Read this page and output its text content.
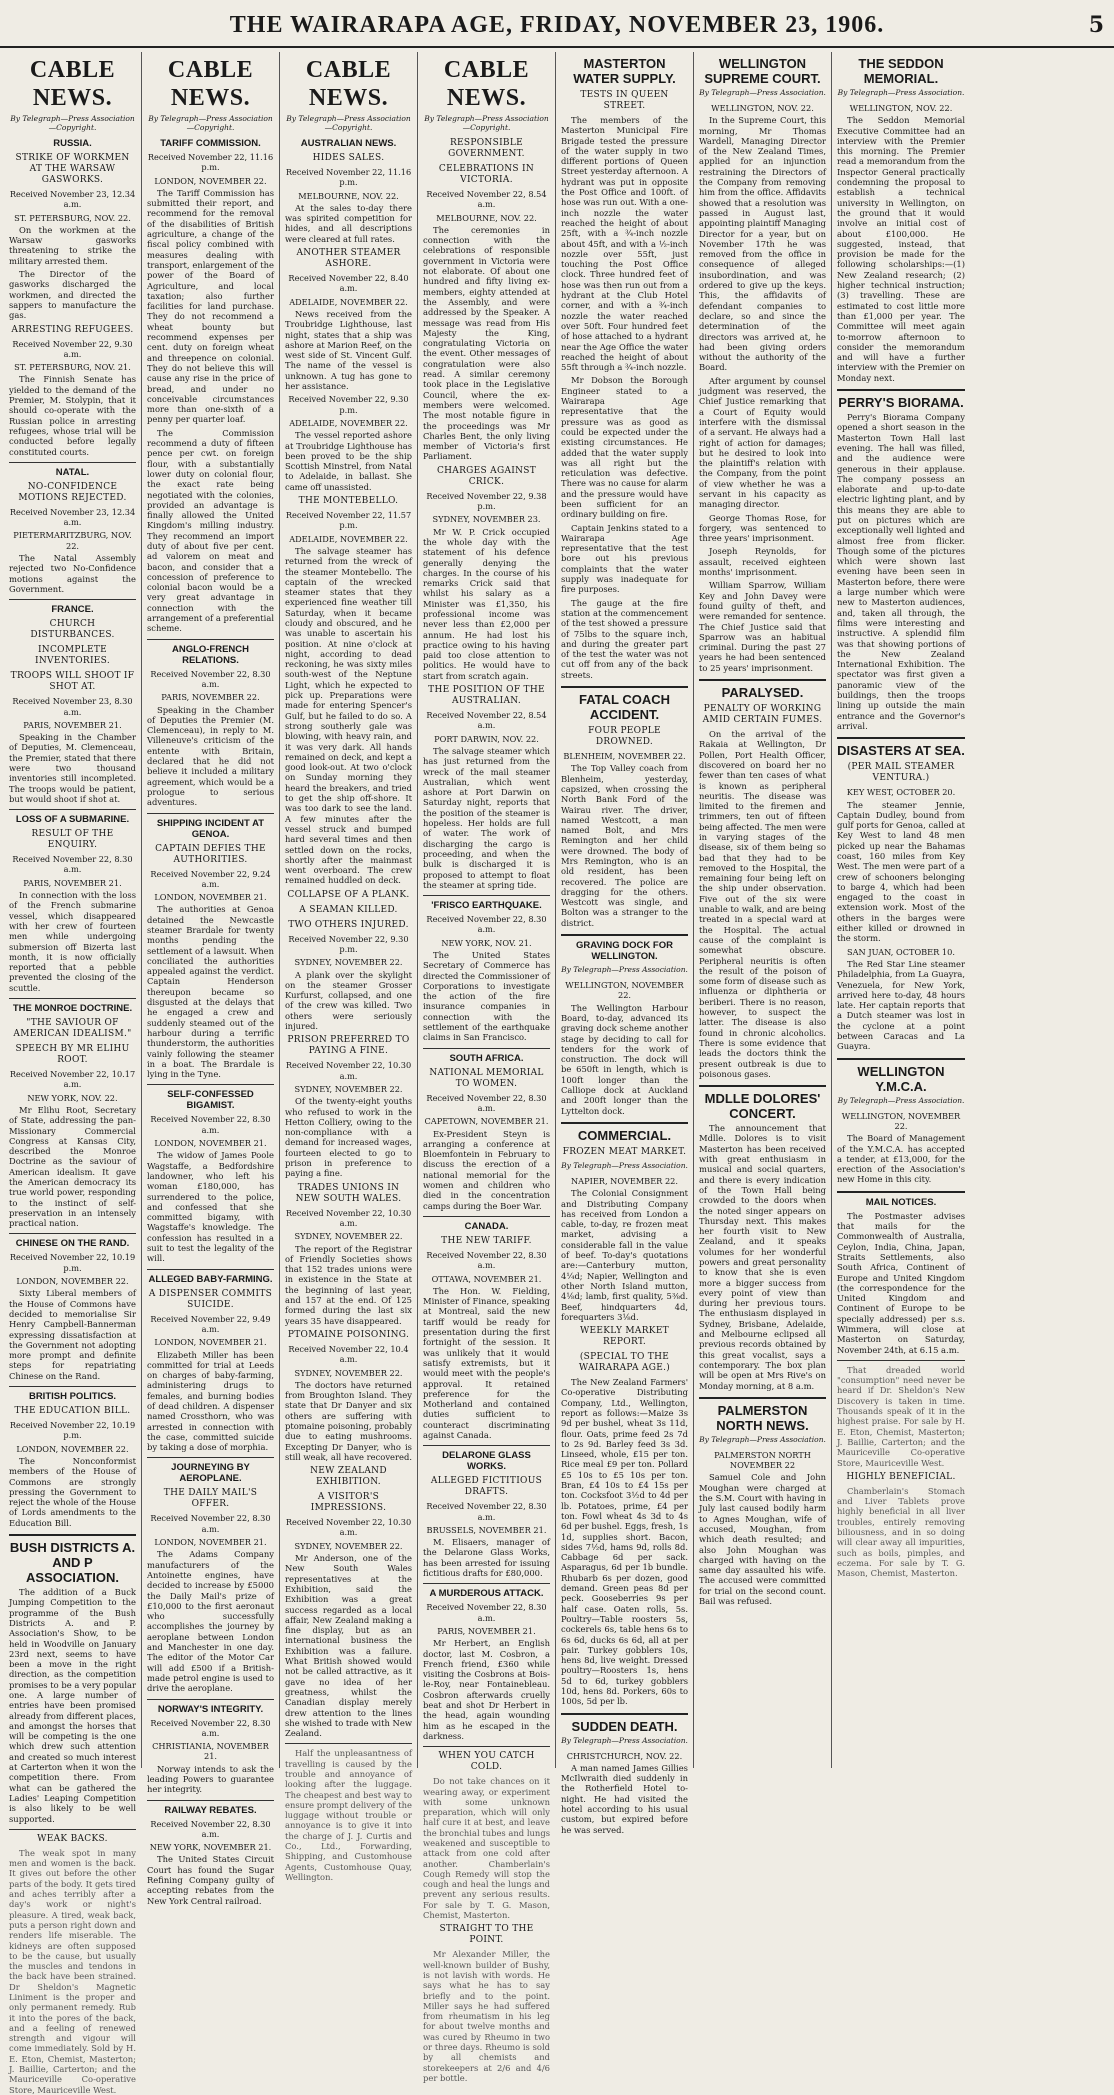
THE WAIRARAPA AGE, FRIDAY, NOVEMBER 23, 1906.	5
CABLE NEWS.
By Telegraph—Press Association—Copyright.
RUSSIA.
STRIKE OF WORKMEN AT THE WARSAW GASWORKS.
Received November 23, 12.34 a.m.
ST. PETERSBURG, NOV. 22.

On the workmen at the Warsaw gasworks threatening to strike the military arrested them.

The Director of the gasworks discharged the workmen, and directed the sappers to manufacture the gas.

ARRESTING REFUGEES.
Received November 22, 9.30 a.m.
ST. PETERSBURG, NOV. 21.

The Finnish Senate has yielded to the demand of the Premier, M. Stolypin, that it should co-operate with the Russian police in arresting refugees, whose trial will be conducted before legally constituted courts.

NATAL.
NO-CONFIDENCE MOTIONS REJECTED.
Received November 23, 12.34 a.m.
PIETERMARITZBURG, NOV. 22.

The Natal Assembly rejected two No-Confidence motions against the Government.

FRANCE.
CHURCH DISTURBANCES.
INCOMPLETE INVENTORIES.
TROOPS WILL SHOOT IF SHOT AT.
Received November 23, 8.30 a.m.
PARIS, NOVEMBER 21.

Speaking in the Chamber of Deputies, M. Clemenceau, the Premier, stated that there were two thousand inventories still incompleted. The troops would be patient, but would shoot if shot at.

LOSS OF A SUBMARINE.
RESULT OF THE ENQUIRY.
Received November 22, 8.30 a.m.
PARIS, NOVEMBER 21.

In connection with the loss of the French submarine vessel, which disappeared with her crew of fourteen men while undergoing submersion off Bizerta last month, it is now officially reported that a pebble prevented the closing of the scuttle.

THE MONROE DOCTRINE.
"THE SAVIOUR OF AMERICAN IDEALISM."
SPEECH BY MR ELIHU ROOT.
Received November 22, 10.17 a.m.
NEW YORK, NOV. 22.

Mr Elihu Root, Secretary of State, addressing the pan-Missionary Commercial Congress at Kansas City, described the Monroe Doctrine as the saviour of American idealism. It gave the American democracy its true world power, responding to the instinct of self-preservation in an intensely practical nation.

CHINESE ON THE RAND.
Received November 22, 10.19 p.m.
LONDON, NOVEMBER 22.

Sixty Liberal members of the House of Commons have decided to memorialise Sir Henry Campbell-Bannerman expressing dissatisfaction at the Government not adopting more prompt and definite steps for repatriating Chinese on the Rand.

BRITISH POLITICS.
THE EDUCATION BILL.
Received November 22, 10.19 p.m.
LONDON, NOVEMBER 22.

The Nonconformist members of the House of Commons are strongly pressing the Government to reject the whole of the House of Lords amendments to the Education Bill.

BUSH DISTRICTS A. AND P ASSOCIATION.

The addition of a Buck Jumping Competition to the programme of the Bush Districts A. and P. Association's Show, to be held in Woodville on January 23rd next, seems to have been a move in the right direction, as the competition promises to be a very popular one. A large number of entries have been promised already from different places, and amongst the horses that will be competing is the one which drew such attention and created so much interest at Carterton when it won the competition there. From what can be gathered the Ladies' Leaping Competition is also likely to be well supported.

WEAK BACKS.

The weak spot in many men and women is the back. It gives out before the other parts of the body. It gets tired and aches terribly after a day's work or night's pleasure. A tired, weak back, puts a person right down and renders life miserable. The kidneys are often supposed to be the cause, but usually the muscles and tendons in the back have been strained. Dr Sheldon's Magnetic Liniment is the proper and only permanent remedy. Rub it into the pores of the back, and a feeling of renewed strength and vigour will come immediately. Sold by H. E. Eton, Chemist, Masterton; J. Baillie, Carterton; and the Mauriceville Co-operative Store, Mauriceville West.

CABLE NEWS.
By Telegraph—Press Association—Copyright.
TARIFF COMMISSION.
Received November 22, 11.16 p.m.
LONDON, NOVEMBER 22.

The Tariff Commission has submitted their report, and recommend for the removal of the disabilities of British agriculture, a change of the fiscal policy combined with measures dealing with transport, enlargement of the power of the Board of Agriculture, and local taxation; also further facilities for land purchase. They do not recommend a wheat bounty but recommend expenses per cent. duty on foreign wheat and threepence on colonial. They do not believe this will cause any rise in the price of bread, and under no conceivable circumstances more than one-sixth of a penny per quarter loaf.

The Commission recommend a duty of fifteen pence per cwt. on foreign flour, with a substantially lower duty on colonial flour, the exact rate being negotiated with the colonies, provided an advantage is finally allowed the United Kingdom's milling industry. They recommend an import duty of about five per cent. ad valorem on meat and bacon, and consider that a concession of preference to colonial bacon would be a very great advantage in connection with the arrangement of a preferential scheme.

ANGLO-FRENCH RELATIONS.
Received November 22, 8.30 a.m.
PARIS, NOVEMBER 22.

Speaking in the Chamber of Deputies the Premier (M. Clemenceau), in reply to M. Villeneuve's criticism of the entente with Britain, declared that he did not believe it included a military agreement, which would be a prologue to serious adventures.

SHIPPING INCIDENT AT GENOA.
CAPTAIN DEFIES THE AUTHORITIES.
Received November 22, 9.24 a.m.
LONDON, NOVEMBER 21.

The authorities at Genoa detained the Newcastle steamer Brardale for twenty months pending the settlement of a lawsuit. When conciliated the authorities appealed against the verdict. Captain Henderson thereupon became so disgusted at the delays that he engaged a crew and suddenly steamed out of the harbour during a terrific thunderstorm, the authorities vainly following the steamer in a boat. The Brardale is lying in the Tyne.

SELF-CONFESSED BIGAMIST.
Received November 22, 8.30 a.m.
LONDON, NOVEMBER 21.

The widow of James Poole Wagstaffe, a Bedfordshire landowner, who left his woman £180,000, has surrendered to the police, and confessed that she committed bigamy, with Wagstaffe's knowledge. The confession has resulted in a suit to test the legality of the will.

ALLEGED BABY-FARMING.
A DISPENSER COMMITS SUICIDE.
Received November 22, 9.49 a.m.
LONDON, NOVEMBER 21.

Elizabeth Miller has been committed for trial at Leeds on charges of baby-farming, administering drugs to females, and burning bodies of dead children. A dispenser named Crossthorn, who was arrested in connection with the case, committed suicide by taking a dose of morphia.

JOURNEYING BY AEROPLANE.
THE DAILY MAIL'S OFFER.
Received November 22, 8.30 a.m.
LONDON, NOVEMBER 21.

The Adams Company manufacturers of the Antoinette engines, have decided to increase by £5000 the Daily Mail's prize of £10,000 to the first aeronaut who successfully accomplishes the journey by aeroplane between London and Manchester in one day. The editor of the Motor Car will add £500 if a British-made petrol engine is used to drive the aeroplane.

NORWAY'S INTEGRITY.
Received November 22, 8.30 a.m.
CHRISTIANIA, NOVEMBER 21.

Norway intends to ask the leading Powers to guarantee her integrity.

RAILWAY REBATES.
Received November 22, 8.30 a.m.
NEW YORK, NOVEMBER 21.

The United States Circuit Court has found the Sugar Refining Company guilty of accepting rebates from the New York Central railroad.

CABLE NEWS.
By Telegraph—Press Association—Copyright.
AUSTRALIAN NEWS.
HIDES SALES.
Received November 22, 11.16 p.m.
MELBOURNE, NOV. 22.

At the sales to-day there was spirited competition for hides, and all descriptions were cleared at full rates.

ANOTHER STEAMER ASHORE.
Received November 22, 8.40 a.m.
ADELAIDE, NOVEMBER 22.

News received from the Troubridge Lighthouse, last night, states that a ship was ashore at Marion Reef, on the west side of St. Vincent Gulf. The name of the vessel is unknown. A tug has gone to her assistance.

Received November 22, 9.30 p.m.
ADELAIDE, NOVEMBER 22.

The vessel reported ashore at Troubridge Lighthouse has been proved to be the ship Scottish Minstrel, from Natal to Adelaide, in ballast. She came off unassisted.

THE MONTEBELLO.
Received November 22, 11.57 p.m.
ADELAIDE, NOVEMBER 22.

The salvage steamer has returned from the wreck of the steamer Montebello. The captain of the wrecked steamer states that they experienced fine weather till Saturday, when it became cloudy and obscured, and he was unable to ascertain his position. At nine o'clock at night, according to dead reckoning, he was sixty miles south-west of the Neptune Light, which he expected to pick up. Preparations were made for entering Spencer's Gulf, but he failed to do so. A strong southerly gale was blowing, with heavy rain, and it was very dark. All hands remained on deck, and kept a good look-out. At two o'clock on Sunday morning they heard the breakers, and tried to get the ship off-shore. It was too dark to see the land. A few minutes after the vessel struck and bumped hard several times and then settled down on the rocks, shortly after the mainmast went overboard. The crew remained huddled on deck.

COLLAPSE OF A PLANK.
A SEAMAN KILLED.
TWO OTHERS INJURED.
Received November 22, 9.30 p.m.
SYDNEY, NOVEMBER 22.

A plank over the skylight on the steamer Grosser Kurfurst, collapsed, and one of the crew was killed. Two others were seriously injured.

PRISON PREFERRED TO PAYING A FINE.
Received November 22, 10.30 a.m.
SYDNEY, NOVEMBER 22.

Of the twenty-eight youths who refused to work in the Hetton Colliery, owing to the non-compliance with a demand for increased wages, fourteen elected to go to prison in preference to paying a fine.

TRADES UNIONS IN NEW SOUTH WALES.
Received November 22, 10.30 a.m.
SYDNEY, NOVEMBER 22.

The report of the Registrar of Friendly Societies shows that 152 trades unions were in existence in the State at the beginning of last year, and 157 at the end. Of 125 formed during the last six years 35 have disappeared.

PTOMAINE POISONING.
Received November 22, 10.4 a.m.
SYDNEY, NOVEMBER 22.

The doctors have returned from Broughton Island. They state that Dr Danyer and six others are suffering with ptomaine poisoning, probably due to eating mushrooms. Excepting Dr Danyer, who is still weak, all have recovered.

NEW ZEALAND EXHIBITION.
A VISITOR'S IMPRESSIONS.
Received November 22, 10.30 a.m.
SYDNEY, NOVEMBER 22.

Mr Anderson, one of the New South Wales representatives at the Exhibition, said the Exhibition was a great success regarded as a local affair, New Zealand making a fine display, but as an international business the Exhibition was a failure. What British showed would not be called attractive, as it gave no idea of her greatness, whilst the Canadian display merely drew attention to the lines she wished to trade with New Zealand.

Half the unpleasantness of travelling is caused by the trouble and annoyance of looking after the luggage. The cheapest and best way to ensure prompt delivery of the luggage without trouble or annoyance is to give it into the charge of J. J. Curtis and Co., Ltd., Forwarding, Shipping, and Customhouse Agents, Customhouse Quay, Wellington.

CABLE NEWS.
By Telegraph—Press Association—Copyright.
RESPONSIBLE GOVERNMENT.
CELEBRATIONS IN VICTORIA.
Received November 22, 8.54 a.m.
MELBOURNE, NOV. 22.

The ceremonies in connection with the celebrations of responsible government in Victoria were not elaborate. Of about one hundred and fifty living ex-members, eighty attended at the Assembly, and were addressed by the Speaker. A message was read from His Majesty the King, congratulating Victoria on the event. Other messages of congratulation were also read. A similar ceremony took place in the Legislative Council, where the ex-members were welcomed. The most notable figure in the proceedings was Mr Charles Bent, the only living member of Victoria's first Parliament.

CHARGES AGAINST CRICK.
Received November 22, 9.38 p.m.
SYDNEY, NOVEMBER 23.

Mr W. P. Crick occupied the whole day with the statement of his defence generally denying the charges. In the course of his remarks Crick said that whilst his salary as a Minister was £1,350, his professional income was never less than £2,000 per annum. He had lost his practice owing to his having paid too close attention to politics. He would have to start from scratch again.

THE POSITION OF THE AUSTRALIAN.
Received November 22, 8.54 a.m.
PORT DARWIN, NOV. 22.

The salvage steamer which has just returned from the wreck of the mail steamer Australian, which went ashore at Port Darwin on Saturday night, reports that the position of the steamer is hopeless. Her holds are full of water. The work of discharging the cargo is proceeding, and when the bulk is discharged it is proposed to attempt to float the steamer at spring tide.

'FRISCO EARTHQUAKE.
Received November 22, 8.30 a.m.
NEW YORK, NOV. 21.

The United States Secretary of Commerce has directed the Commissioner of Corporations to investigate the action of the fire insurance companies in connection with the settlement of the earthquake claims in San Francisco.

SOUTH AFRICA.
NATIONAL MEMORIAL TO WOMEN.
Received November 22, 8.30 a.m.
CAPETOWN, NOVEMBER 21.

Ex-President Steyn is arranging a conference at Bloemfontein in February to discuss the erection of a national memorial for the women and children who died in the concentration camps during the Boer War.

CANADA.
THE NEW TARIFF.
Received November 22, 8.30 a.m.
OTTAWA, NOVEMBER 21.

The Hon. W. Fielding, Minister of Finance, speaking at Montreal, said the new tariff would be ready for presentation during the first fortnight of the session. It was unlikely that it would satisfy extremists, but it would meet with the people's approval. It retained preference for the Motherland and contained duties sufficient to counteract discriminating against Canada.

DELARONE GLASS WORKS.
ALLEGED FICTITIOUS DRAFTS.
Received November 22, 8.30 a.m.
BRUSSELS, NOVEMBER 21.

M. Elisaers, manager of the Delarone Glass Works, has been arrested for issuing fictitious drafts for £80,000.

A MURDEROUS ATTACK.
Received November 22, 8.30 a.m.
PARIS, NOVEMBER 21.

Mr Herbert, an English doctor, last M. Cosbron, a French friend, £360 while visiting the Cosbrons at Bois-le-Roy, near Fontainebleau. Cosbron afterwards cruelly beat and shot Dr Herbert in the head, again wounding him as he escaped in the darkness.

WHEN YOU CATCH COLD.

Do not take chances on it wearing away, or experiment with some unknown preparation, which will only half cure it at best, and leave the bronchial tubes and lungs weakened and susceptible to attack from one cold after another. Chamberlain's Cough Remedy will stop the cough and heal the lungs and prevent any serious results. For sale by T. G. Mason, Chemist, Masterton.

STRAIGHT TO THE POINT.

Mr Alexander Miller, the well-known builder of Bushy, is not lavish with words. He says what he has to say briefly and to the point. Miller says he had suffered from rheumatism in his leg for about twelve months and was cured by Rheumo in two or three days. Rheumo is sold by all chemists and storekeepers at 2/6 and 4/6 per bottle.

MASTERTON WATER SUPPLY.
TESTS IN QUEEN STREET.

The members of the Masterton Municipal Fire Brigade tested the pressure of the water supply in two different portions of Queen Street yesterday afternoon. A hydrant was put in opposite the Post Office and 100ft. of hose was run out. With a one-inch nozzle the water reached the height of about 25ft, with a ¾-inch nozzle about 45ft, and with a ½-inch nozzle over 55ft, just touching the Post Office clock. Three hundred feet of hose was then run out from a hydrant at the Club Hotel corner, and with a ¾-inch nozzle the water reached over 50ft. Four hundred feet of hose attached to a hydrant near the Age Office the water reached the height of about 55ft through a ¾-inch nozzle.

Mr Dobson the Borough Engineer stated to a Wairarapa Age representative that the pressure was as good as could be expected under the existing circumstances. He added that the water supply was all right but the reticulation was defective. There was no cause for alarm and the pressure would have been sufficient for an ordinary building on fire.

Captain Jenkins stated to a Wairarapa Age representative that the test bore out his previous complaints that the water supply was inadequate for fire purposes.

The gauge at the fire station at the commencement of the test showed a pressure of 75lbs to the square inch, and during the greater part of the test the water was not cut off from any of the back streets.

FATAL COACH ACCIDENT.
FOUR PEOPLE DROWNED.
BLENHEIM, NOVEMBER 22.

The Top Valley coach from Blenheim, yesterday, capsized, when crossing the North Bank Ford of the Wairau river. The driver, named Westcott, a man named Bolt, and Mrs Remington and her child were drowned. The body of Mrs Remington, who is an old resident, has been recovered. The police are dragging for the others. Westcott was single, and Bolton was a stranger to the district.

GRAVING DOCK FOR WELLINGTON.
By Telegraph—Press Association.
WELLINGTON, NOVEMBER 22.

The Wellington Harbour Board, to-day, advanced its graving dock scheme another stage by deciding to call for tenders for the work of construction. The dock will be 650ft in length, which is 100ft longer than the Calliope dock at Auckland and 200ft longer than the Lyttelton dock.

COMMERCIAL.
FROZEN MEAT MARKET.
By Telegraph—Press Association.
NAPIER, NOVEMBER 22.

The Colonial Consignment and Distributing Company has received from London a cable, to-day, re frozen meat market, advising a considerable fall in the value of beef. To-day's quotations are:—Canterbury mutton, 4¼d; Napier, Wellington and other North Island mutton, 4⅛d; lamb, first quality, 5⅜d. Beef, hindquarters 4d, forequarters 3⅛d.

WEEKLY MARKET REPORT.
(SPECIAL TO THE WAIRARAPA AGE.)

The New Zealand Farmers' Co-operative Distributing Company, Ltd., Wellington, report as follows:—Maize 3s 9d per bushel, wheat 3s 11d, flour. Oats, prime feed 2s 7d to 2s 9d. Barley feed 3s 3d. Linseed, whole, £15 per ton. Rice meal £9 per ton. Pollard £5 10s to £5 10s per ton. Bran, £4 10s to £4 15s per ton. Cocksfoot 3½d to 4d per lb. Potatoes, prime, £4 per ton. Fowl wheat 4s 3d to 4s 6d per bushel. Eggs, fresh, 1s 1d, supplies short. Bacon, sides 7½d, hams 9d, rolls 8d. Cabbage 6d per sack. Asparagus, 6d per 1b bundle. Rhubarb 6s per dozen, good demand. Green peas 8d per peck. Gooseberries 9s per half case. Oaten rolls, 5s. Poultry—Table roosters 5s, cockerels 6s, table hens 6s to 6s 6d, ducks 6s 6d, all at per pair. Turkey gobblers 10s, hens 8d, live weight. Dressed poultry—Roosters 1s, hens 5d to 6d, turkey gobblers 10d, hens 8d. Porkers, 60s to 100s, 5d per lb.

SUDDEN DEATH.
By Telegraph—Press Association.
CHRISTCHURCH, NOV. 22.

A man named James Gillies McIlwraith died suddenly in the Rotherfield Hotel to-night. He had visited the hotel according to his usual custom, but expired before he was served.

WELLINGTON SUPREME COURT.
By Telegraph—Press Association.
WELLINGTON, NOV. 22.

In the Supreme Court, this morning, Mr Thomas Wardell, Managing Director of the New Zealand Times, applied for an injunction restraining the Directors of the Company from removing him from the office. Affidavits showed that a resolution was passed in August last, appointing plaintiff Managing Director for a year, but on November 17th he was removed from the office in consequence of alleged insubordination, and was ordered to give up the keys. This, the affidavits of defendant companies to declare, so and since the determination of the directors was arrived at, he had been giving orders without the authority of the Board.

After argument by counsel judgment was reserved, the Chief Justice remarking that a Court of Equity would interfere with the dismissal of a servant. He always had a right of action for damages; but he desired to look into the plaintiff's relation with the Company, from the point of view whether he was a servant in his capacity as managing director.

George Thomas Rose, for forgery, was sentenced to three years' imprisonment.

Joseph Reynolds, for assault, received eighteen months' imprisonment.

William Sparrow, William Key and John Davey were found guilty of theft, and were remanded for sentence. The Chief Justice said that Sparrow was an habitual criminal. During the past 27 years he had been sentenced to 25 years' imprisonment.

PARALYSED.
PENALTY OF WORKING AMID CERTAIN FUMES.

On the arrival of the Rakaia at Wellington, Dr Pollen, Port Health Officer, discovered on board her no fewer than ten cases of what is known as peripheral neuritis. The disease was limited to the firemen and trimmers, ten out of fifteen being affected. The men were in varying stages of the disease, six of them being so bad that they had to be removed to the Hospital, the remaining four being left on the ship under observation. Five out of the six were unable to walk, and are being treated in a special ward at the Hospital. The actual cause of the complaint is somewhat obscure. Peripheral neuritis is often the result of the poison of some form of disease such as influenza or diphtheria or beriberi. There is no reason, however, to suspect the latter. The disease is also found in chronic alcoholics. There is some evidence that leads the doctors think the present outbreak is due to poisonous gases.

MDLLE DOLORES' CONCERT.

The announcement that Mdlle. Dolores is to visit Masterton has been received with great enthusiasm in musical and social quarters, and there is every indication of the Town Hall being crowded to the doors when the noted singer appears on Thursday next. This makes her fourth visit to New Zealand, and it speaks volumes for her wonderful powers and great personality to know that she is even more a bigger success from every point of view than during her previous tours. The enthusiasm displayed in Sydney, Brisbane, Adelaide, and Melbourne eclipsed all previous records obtained by this great vocalist, says a contemporary. The box plan will be open at Mrs Rive's on Monday morning, at 8 a.m.

PALMERSTON NORTH NEWS.
By Telegraph—Press Association.
PALMERSTON NORTH NOVEMBER 22

Samuel Cole and John Moughan were charged at the S.M. Court with having in July last caused bodily harm to Agnes Moughan, wife of accused, Moughan, from which death resulted; and also John Moughan was charged with having on the same day assaulted his wife. The accused were committed for trial on the second count. Bail was refused.

THE SEDDON MEMORIAL.
By Telegraph—Press Association.
WELLINGTON, NOV. 22.

The Seddon Memorial Executive Committee had an interview with the Premier this morning. The Premier read a memorandum from the Inspector General practically condemning the proposal to establish a technical university in Wellington, on the ground that it would involve an initial cost of about £100,000. He suggested, instead, that provision be made for the following scholarships:—(1) New Zealand research; (2) higher technical instruction; (3) travelling. These are estimated to cost little more than £1,000 per year. The Committee will meet again to-morrow afternoon to consider the memorandum and will have a further interview with the Premier on Monday next.

PERRY'S BIORAMA.

Perry's Biorama Company opened a short season in the Masterton Town Hall last evening. The hall was filled, and the audience were generous in their applause. The company possess an elaborate and up-to-date electric lighting plant, and by this means they are able to put on pictures which are exceptionally well lighted and almost free from flicker. Though some of the pictures which were shown last evening have been seen in Masterton before, there were a large number which were new to Masterton audiences, and, taken all through, the films were interesting and instructive. A splendid film was that showing portions of the New Zealand International Exhibition. The spectator was first given a panoramic view of the buildings, then the troops lining up outside the main entrance and the Governor's arrival.

DISASTERS AT SEA.
(PER MAIL STEAMER VENTURA.)
KEY WEST, OCTOBER 20.

The steamer Jennie, Captain Dudley, bound from gulf ports for Genoa, called at Key West to land 48 men picked up near the Bahamas coast, 160 miles from Key West. The men were part of a crew of schooners belonging to barge 4, which had been engaged to the coast in extension work. Most of the others in the barges were either killed or drowned in the storm.

SAN JUAN, OCTOBER 10.

The Red Star Line steamer Philadelphia, from La Guayra, Venezuela, for New York, arrived here to-day, 48 hours late. Her captain reports that a Dutch steamer was lost in the cyclone at a point between Caracas and La Guayra.

WELLINGTON Y.M.C.A.
By Telegraph—Press Association.
WELLINGTON, NOVEMBER 22.

The Board of Management of the Y.M.C.A. has accepted a tender, at £13,000, for the erection of the Association's new Home in this city.

MAIL NOTICES.

The Postmaster advises that mails for the Commonwealth of Australia, Ceylon, India, China, Japan, Straits Settlements, also South Africa, Continent of Europe and United Kingdom (the correspondence for the United Kingdom and Continent of Europe to be specially addressed) per s.s. Wimmera, will close at Masterton on Saturday, November 24th, at 6.15 a.m.

That dreaded world "consumption" need never be heard if Dr. Sheldon's New Discovery is taken in time. Thousands speak of it in the highest praise. For sale by H. E. Eton, Chemist, Masterton; J. Baillie, Carterton; and the Mauriceville Co-operative Store, Mauriceville West.

HIGHLY BENEFICIAL.

Chamberlain's Stomach and Liver Tablets prove highly beneficial in all liver troubles, entirely removing biliousness, and in so doing will clear away all impurities, such as boils, pimples, and eczema. For sale by T. G. Mason, Chemist, Masterton.
